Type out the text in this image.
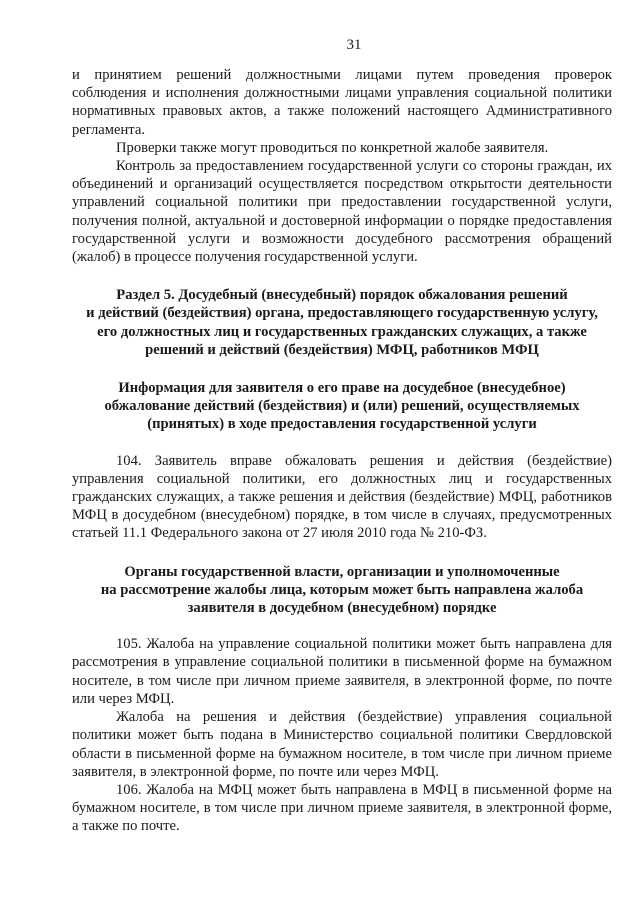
31

и принятием решений должностными лицами путем проведения проверок соблюдения и исполнения должностными лицами управления социальной политики нормативных правовых актов, а также положений настоящего Административного регламента.

Проверки также могут проводиться по конкретной жалобе заявителя.

Контроль за предоставлением государственной услуги со стороны граждан, их объединений и организаций осуществляется посредством открытости деятельности управлений социальной политики при предоставлении государственной услуги, получения полной, актуальной и достоверной информации о порядке предоставления государственной услуги и возможности досудебного рассмотрения обращений (жалоб) в процессе получения государственной услуги.

Раздел 5. Досудебный (внесудебный) порядок обжалования решений
и действий (бездействия) органа, предоставляющего государственную услугу,
его должностных лиц и государственных гражданских служащих, а также
решений и действий (бездействия) МФЦ, работников МФЦ
Информация для заявителя о его праве на досудебное (внесудебное)
обжалование действий (бездействия) и (или) решений, осуществляемых
(принятых) в ходе предоставления государственной услуги

104. Заявитель вправе обжаловать решения и действия (бездействие) управления социальной политики, его должностных лиц и государственных гражданских служащих, а также решения и действия (бездействие) МФЦ, работников МФЦ в досудебном (внесудебном) порядке, в том числе в случаях, предусмотренных статьей 11.1 Федерального закона от 27 июля 2010 года № 210-ФЗ.

Органы государственной власти, организации и уполномоченные
на рассмотрение жалобы лица, которым может быть направлена жалоба
заявителя в досудебном (внесудебном) порядке

105. Жалоба на управление социальной политики может быть направлена для рассмотрения в управление социальной политики в письменной форме на бумажном носителе, в том числе при личном приеме заявителя, в электронной форме, по почте или через МФЦ.

Жалоба на решения и действия (бездействие) управления социальной политики может быть подана в Министерство социальной политики Свердловской области в письменной форме на бумажном носителе, в том числе при личном приеме заявителя, в электронной форме, по почте или через МФЦ.

106. Жалоба на МФЦ может быть направлена в МФЦ в письменной форме на бумажном носителе, в том числе при личном приеме заявителя, в электронной форме, а также по почте.
